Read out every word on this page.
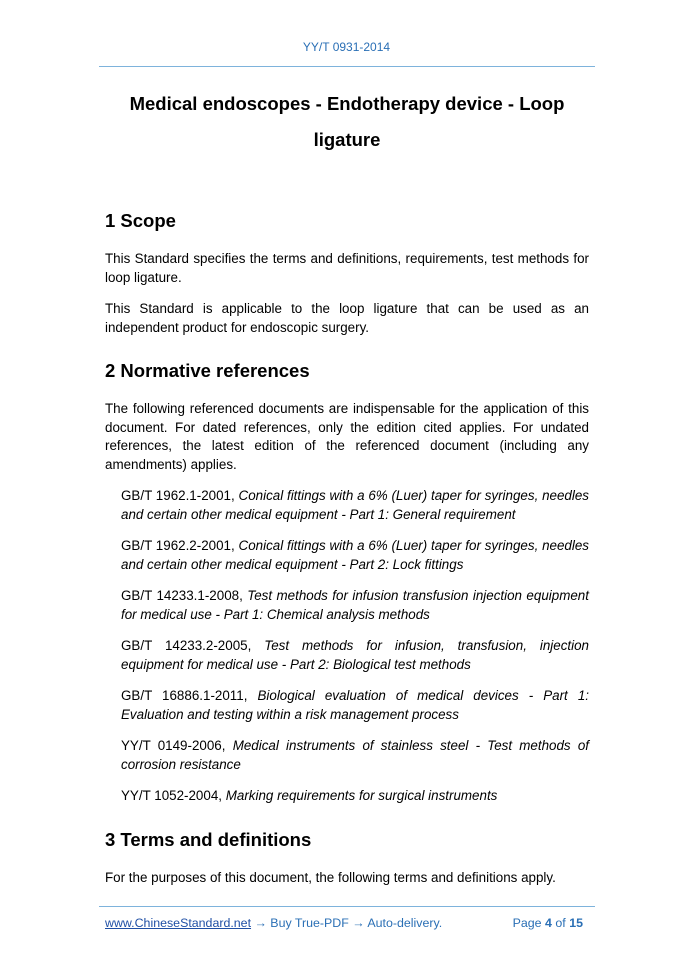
YY/T 0931-2014
Medical endoscopes - Endotherapy device - Loop
ligature
1 Scope

This Standard specifies the terms and definitions, requirements, test methods for loop ligature.

This Standard is applicable to the loop ligature that can be used as an independent product for endoscopic surgery.

2 Normative references

The following referenced documents are indispensable for the application of this document. For dated references, only the edition cited applies. For undated references, the latest edition of the referenced document (including any amendments) applies.

GB/T 1962.1-2001, Conical fittings with a 6% (Luer) taper for syringes, needles and certain other medical equipment - Part 1: General requirement
GB/T 1962.2-2001, Conical fittings with a 6% (Luer) taper for syringes, needles and certain other medical equipment - Part 2: Lock fittings
GB/T 14233.1-2008, Test methods for infusion transfusion injection equipment for medical use - Part 1: Chemical analysis methods
GB/T 14233.2-2005, Test methods for infusion, transfusion, injection equipment for medical use - Part 2: Biological test methods
GB/T 16886.1-2011, Biological evaluation of medical devices - Part 1: Evaluation and testing within a risk management process
YY/T 0149-2006, Medical instruments of stainless steel - Test methods of corrosion resistance
YY/T 1052-2004, Marking requirements for surgical instruments
3 Terms and definitions

For the purposes of this document, the following terms and definitions apply.

www.ChineseStandard.net → Buy True-PDF → Auto-delivery.	Page 4 of 15
